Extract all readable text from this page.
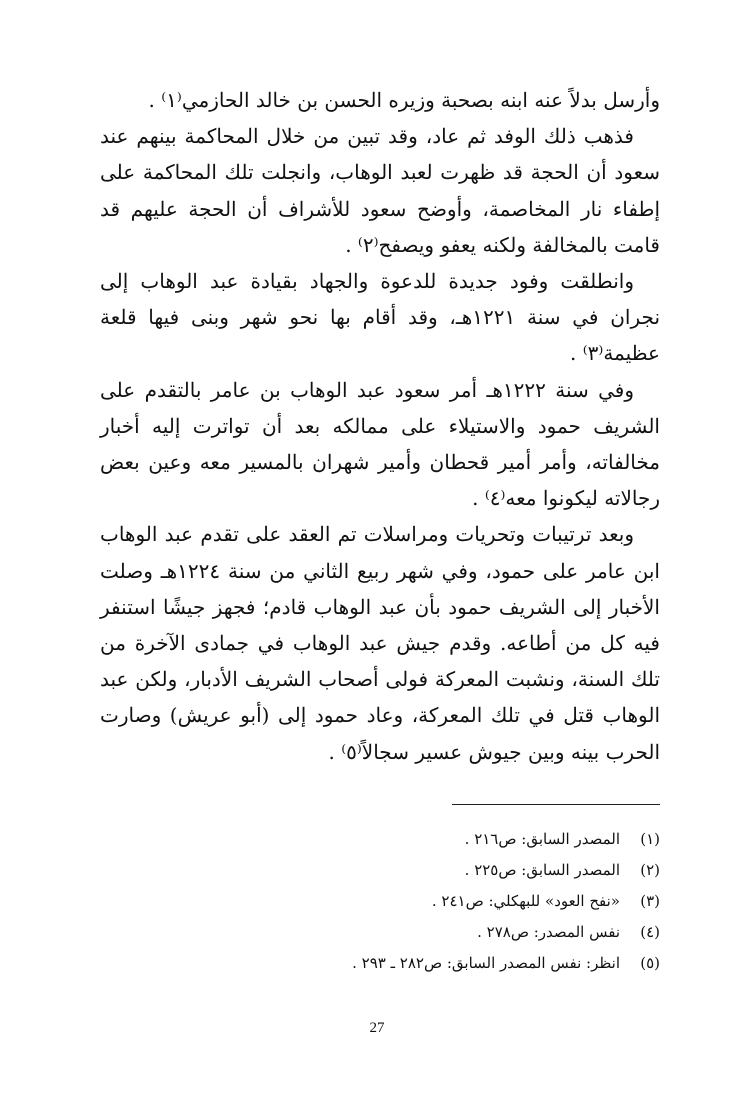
وأرسل بدلاً عنه ابنه بصحبة وزيره الحسن بن خالد الحازمي⁽١⁾ .

فذهب ذلك الوفد ثم عاد، وقد تبين من خلال المحاكمة بينهم عند سعود أن الحجة قد ظهرت لعبد الوهاب، وانجلت تلك المحاكمة على إطفاء نار المخاصمة، وأوضح سعود للأشراف أن الحجة عليهم قد قامت بالمخالفة ولكنه يعفو ويصفح⁽٢⁾ .

وانطلقت وفود جديدة للدعوة والجهاد بقيادة عبد الوهاب إلى نجران في سنة ١٢٢١هـ، وقد أقام بها نحو شهر وبنى فيها قلعة عظيمة⁽٣⁾ .

وفي سنة ١٢٢٢هـ أمر سعود عبد الوهاب بن عامر بالتقدم على الشريف حمود والاستيلاء على ممالكه بعد أن تواترت إليه أخبار مخالفاته، وأمر أمير قحطان وأمير شهران بالمسير معه وعين بعض رجالاته ليكونوا معه⁽٤⁾ .

وبعد ترتيبات وتحريات ومراسلات تم العقد على تقدم عبد الوهاب ابن عامر على حمود، وفي شهر ربيع الثاني من سنة ١٢٢٤هـ وصلت الأخبار إلى الشريف حمود بأن عبد الوهاب قادم؛ فجهز جيشًا استنفر فيه كل من أطاعه. وقدم جيش عبد الوهاب في جمادى الآخرة من تلك السنة، ونشبت المعركة فولى أصحاب الشريف الأدبار، ولكن عبد الوهاب قتل في تلك المعركة، وعاد حمود إلى (أبو عريش) وصارت الحرب بينه وبين جيوش عسير سجالاً⁽٥⁾ .

(١)المصدر السابق: ص٢١٦ .
(٢)المصدر السابق: ص٢٢٥ .
(٣)«نفح العود» للبهكلي: ص٢٤١ .
(٤)نفس المصدر: ص٢٧٨ .
(٥)انظر: نفس المصدر السابق: ص٢٨٢ ـ ٢٩٣ .
27
